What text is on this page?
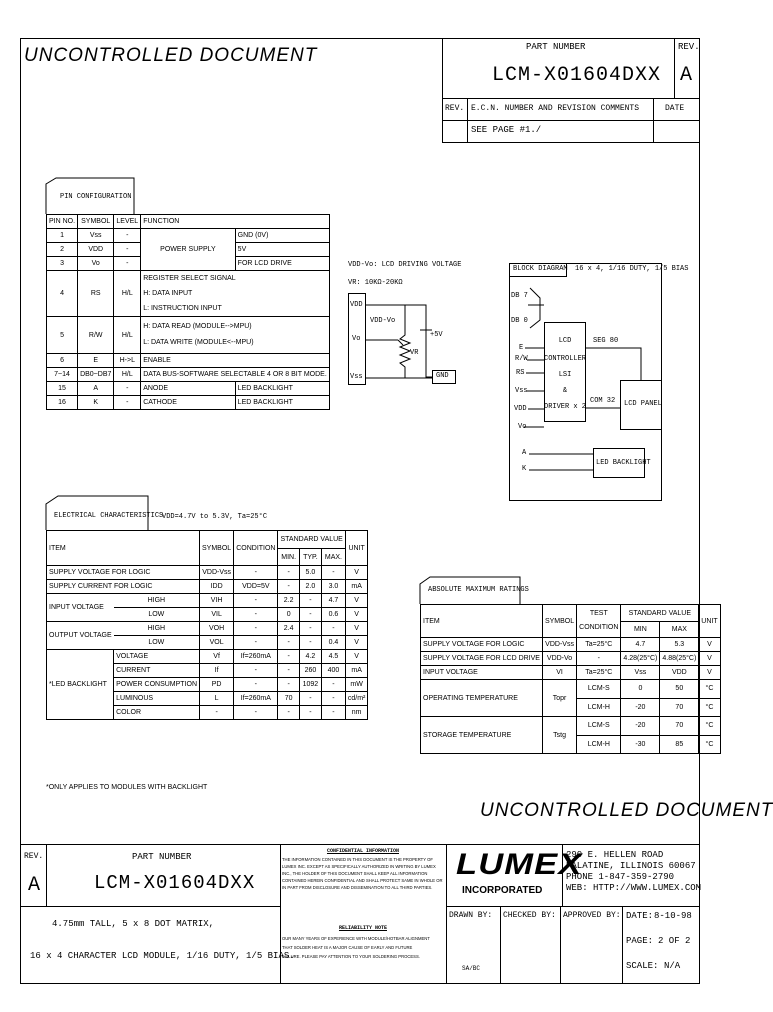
UNCONTROLLED DOCUMENT	PART NUMBER
LCM-X01604DXX
REV.
A
REV. E.C.N. NUMBER AND REVISION COMMENTS	DATE
SEE PAGE #1./
PIN CONFIGURATION
PIN NO.	SYMBOL	LEVEL	FUNCTION	
1	Vss	-	POWER SUPPLY	GND (0V)
2	VDD	-		5V
3	Vo	-		FOR LCD DRIVE
4	RS	H/L	REGISTER SELECT SIGNAL
H: DATA INPUT
L: INSTRUCTION INPUT	

5	R/W	H/L	H: DATA READ (MODULE-->MPU)
L: DATA WRITE (MODULE<--MPU)	

6	E	H->L	ENABLE	
7~14	DB0~DB7	H/L	DATA BUS-SOFTWARE SELECTABLE 4 OR 8 BIT MODE.	
15	A	-	ANODE	LED BACKLIGHT
16	K	-	CATHODE	LED BACKLIGHT
VDD-Vo: LCD DRIVING VOLTAGE
VR: 10KΩ-20KΩ
VDD
Vo
Vss
VDD-Vo
+5V
VR
GND
BLOCK DIAGRAM 16 x 4, 1/16 DUTY, 1/5 BIAS
DB 7
DB 0
E
R/W
RS
Vss
VDD
Vo
LCD
CONTROLLER
LSI
&
DRIVER x 2
SEG 80
COM 32 LCD PANEL
A
K
LED BACKLIGHT
ELECTRICAL CHARACTERISTICS
VDD=4.7V to 5.3V, Ta=25°C
ITEM		SYMBOL	CONDITION	STANDARD VALUE			UNIT
				MIN.	TYP.	MAX.	
SUPPLY VOLTAGE FOR LOGIC		VDD-Vss	-	-	5.0	-	V
SUPPLY CURRENT FOR LOGIC		IDD	VDD=5V	-	2.0	3.0	mA
INPUT VOLTAGE	HIGH	VIH	-	2.2	-	4.7	V
	LOW	VIL	-	0	-	0.6	V
OUTPUT VOLTAGE	HIGH	VOH	-	2.4	-	-	V
	LOW	VOL	-	-	-	0.4	V
*LED BACKLIGHT	VOLTAGE	Vf	If=260mA	-	4.2	4.5	V
	CURRENT	If	-	-	260	400	mA
	POWER CONSUMPTION	PD	-	-	1092	-	mW
	LUMINOUS	L	If=260mA	70	-	-	cd/m²
	COLOR	-	-	-	-	-	nm
*ONLY APPLIES TO MODULES WITH BACKLIGHT
ABSOLUTE MAXIMUM RATINGS
ITEM	SYMBOL	TEST CONDITION	STANDARD VALUE		UNIT
			MIN	MAX	
SUPPLY VOLTAGE FOR LOGIC	VDD-Vss	Ta=25°C	4.7	5.3	V
SUPPLY VOLTAGE FOR LCD DRIVE	VDD-Vo	-	4.28(25°C)	4.88(25°C)	V
INPUT VOLTAGE	VI	Ta=25°C	Vss	VDD	V
OPERATING TEMPERATURE	Topr	LCM-S	0	50	°C
		LCM-H	-20	70	°C
STORAGE TEMPERATURE	Tstg	LCM-S	-20	70	°C
		LCM-H	-30	85	°C
UNCONTROLLED DOCUMENT
REV.
A
PART NUMBER
LCM-X01604DXX
4.75mm TALL, 5 x 8 DOT MATRIX,
16 x 4 CHARACTER LCD MODULE, 1/16 DUTY, 1/5 BIAS.
CONFIDENTIAL INFORMATION
THE INFORMATION CONTAINED IN THIS DOCUMENT IS THE PROPERTY OF
LUMEX INC. EXCEPT AS SPECIFICALLY AUTHORIZED IN WRITING BY LUMEX
INC., THE HOLDER OF THIS DOCUMENT SHALL KEEP ALL INFORMATION
CONTAINED HEREIN CONFIDENTIAL AND SHALL PROTECT SAME IN WHOLE OR
IN PART FROM DISCLOSURE AND DISSEMINATION TO ALL THIRD PARTIES.
RELIABILITY NOTE
OUR MANY YEARS OF EXPERIENCE WITH MODULE/HOTBAR ALIGNMENT
THAT SOLDER HEAT IS A MAJOR CAUSE OF EARLY AND FUTURE
FAILURE. PLEASE PAY ATTENTION TO YOUR SOLDERING PROCESS.
LUMEX
INCORPORATED
290 E. HELLEN ROAD
PALATINE, ILLINOIS 60067
PHONE 1-847-359-2790
WEB: HTTP://WWW.LUMEX.COM
DRAWN BY:
SA/BC
CHECKED BY: APPROVED BY: DATE: 8-10-98
PAGE: 2 OF 2
SCALE: N/A
